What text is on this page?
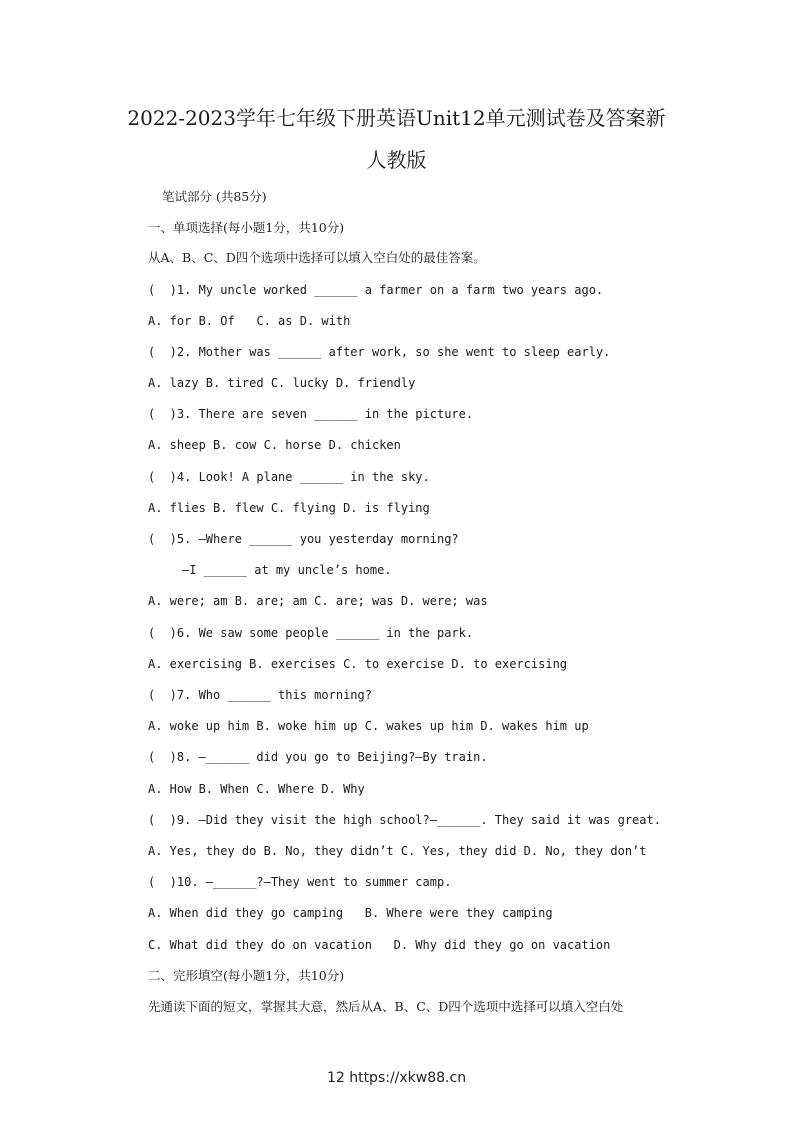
2022-2023学年七年级下册英语Unit12单元测试卷及答案新
人教版
笔试部分 (共85分)
一、单项选择(每小题1分，共10分)
从A、B、C、D四个选项中选择可以填入空白处的最佳答案。
(  )1. My uncle worked ______ a farmer on a farm two years ago.
A. for B. Of   C. as D. with
(  )2. Mother was ______ after work, so she went to sleep early.
A. lazy B. tired C. lucky D. friendly
(  )3. There are seven ______ in the picture.
A. sheep B. cow C. horse D. chicken
(  )4. Look! A plane ______ in the sky.
A. flies B. flew C. flying D. is flying
(  )5. —Where ______ you yesterday morning?
—I ______ at my uncle’s home.
A. were; am B. are; am C. are; was D. were; was
(  )6. We saw some people ______ in the park.
A. exercising B. exercises C. to exercise D. to exercising
(  )7. Who ______ this morning?
A. woke up him B. woke him up C. wakes up him D. wakes him up
(  )8. —______ did you go to Beijing?—By train.
A. How B. When C. Where D. Why
(  )9. —Did they visit the high school?—______. They said it was great.
A. Yes, they do B. No, they didn’t C. Yes, they did D. No, they don’t
(  )10. —______?—They went to summer camp.
A. When did they go camping   B. Where were they camping
C. What did they do on vacation   D. Why did they go on vacation
二、完形填空(每小题1分，共10分)
先通读下面的短文，掌握其大意，然后从A、B、C、D四个选项中选择可以填入空白处
12 https://xkw88.cn
